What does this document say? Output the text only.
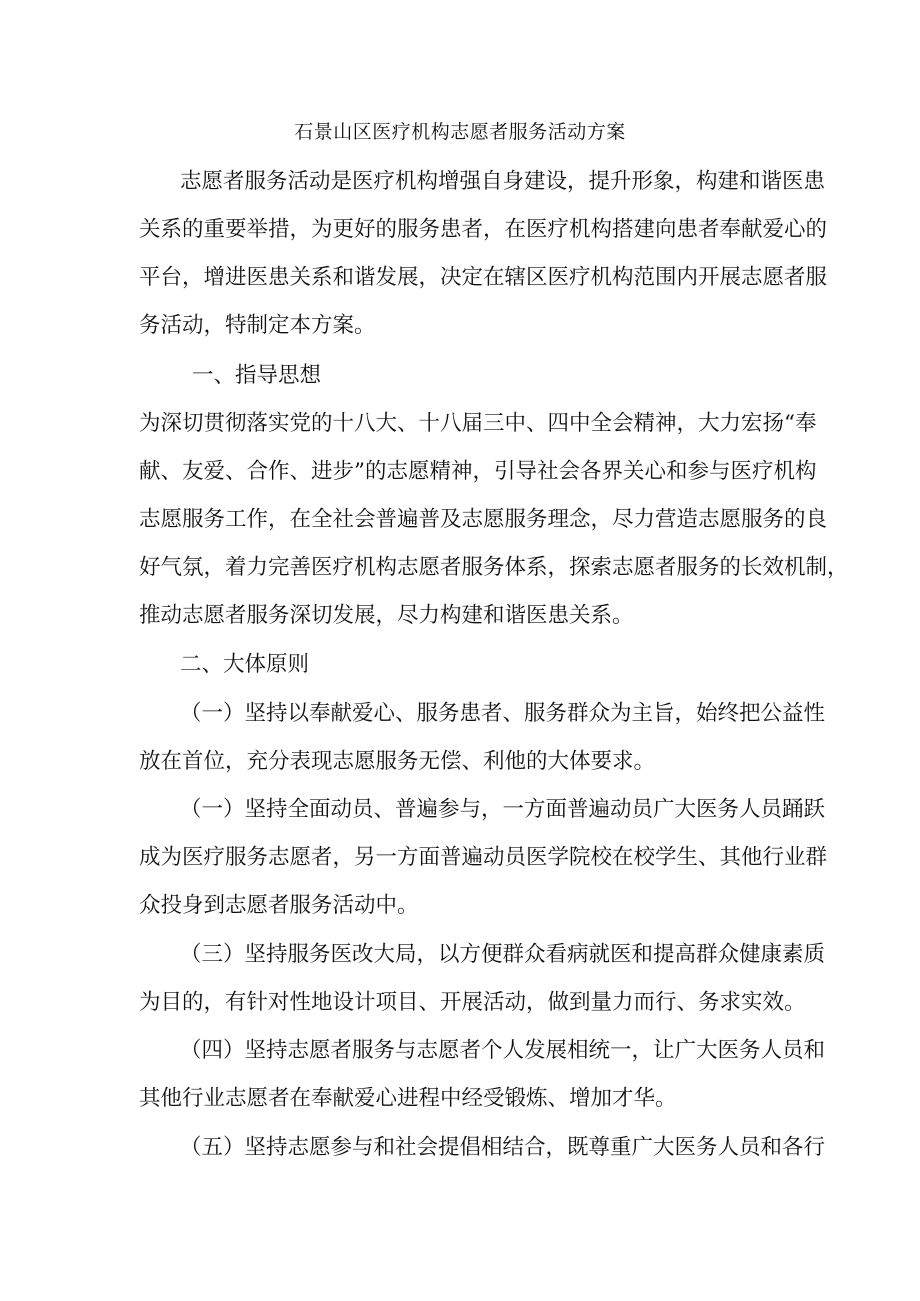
石景山区医疗机构志愿者服务活动方案
志愿者服务活动是医疗机构增强自身建设，提升形象，构建和谐医患
关系的重要举措，为更好的服务患者，在医疗机构搭建向患者奉献爱心的
平台，增进医患关系和谐发展，决定在辖区医疗机构范围内开展志愿者服
务活动，特制定本方案。
一、指导思想
为深切贯彻落实党的十八大、十八届三中、四中全会精神，大力宏扬“奉
献、友爱、合作、进步”的志愿精神，引导社会各界关心和参与医疗机构
志愿服务工作，在全社会普遍普及志愿服务理念，尽力营造志愿服务的良
好气氛，着力完善医疗机构志愿者服务体系，探索志愿者服务的长效机制，
推动志愿者服务深切发展，尽力构建和谐医患关系。
二、大体原则
（一）坚持以奉献爱心、服务患者、服务群众为主旨，始终把公益性
放在首位，充分表现志愿服务无偿、利他的大体要求。
（一）坚持全面动员、普遍参与，一方面普遍动员广大医务人员踊跃
成为医疗服务志愿者，另一方面普遍动员医学院校在校学生、其他行业群
众投身到志愿者服务活动中。
（三）坚持服务医改大局，以方便群众看病就医和提高群众健康素质
为目的，有针对性地设计项目、开展活动，做到量力而行、务求实效。
（四）坚持志愿者服务与志愿者个人发展相统一，让广大医务人员和
其他行业志愿者在奉献爱心进程中经受锻炼、增加才华。
（五）坚持志愿参与和社会提倡相结合，既尊重广大医务人员和各行
